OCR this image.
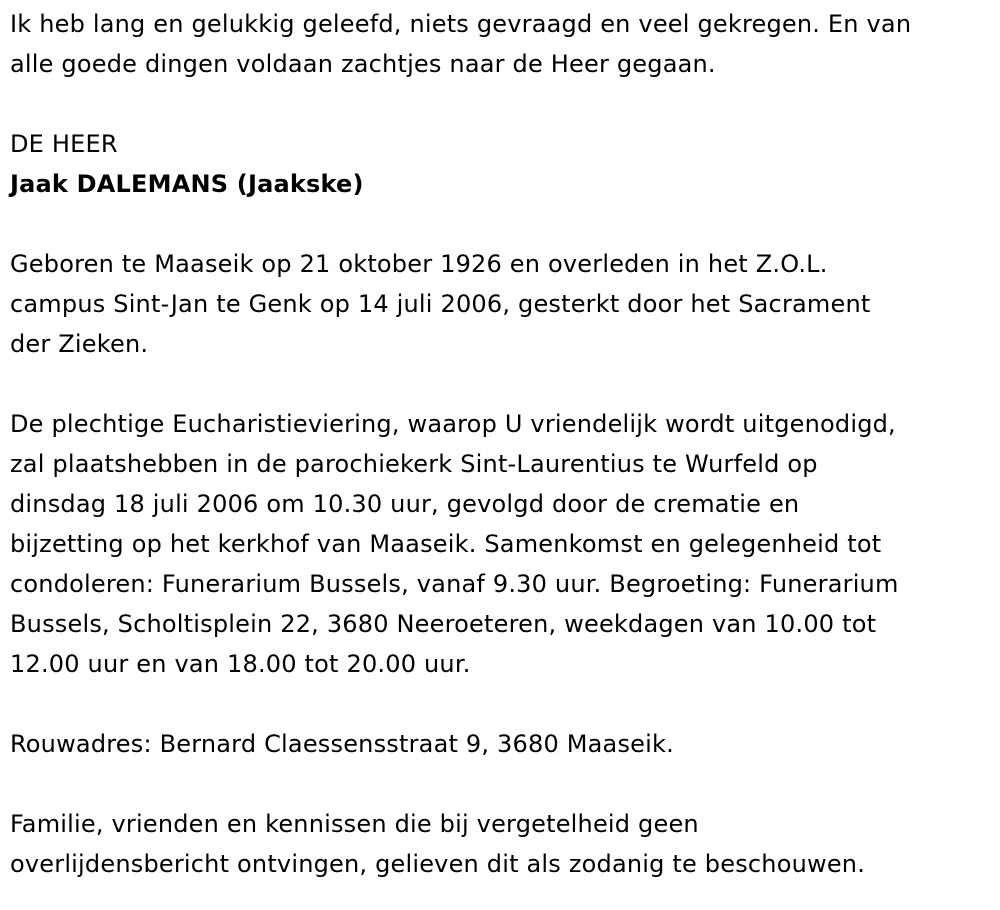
Ik heb lang en gelukkig geleefd, niets gevraagd en veel gekregen. En van
alle goede dingen voldaan zachtjes naar de Heer gegaan.

DE HEER

Jaak DALEMANS (Jaakske)

Geboren te Maaseik op 21 oktober 1926 en overleden in het Z.O.L.
campus Sint-Jan te Genk op 14 juli 2006, gesterkt door het Sacrament
der Zieken.

De plechtige Eucharistieviering, waarop U vriendelijk wordt uitgenodigd,
zal plaatshebben in de parochiekerk Sint-Laurentius te Wurfeld op
dinsdag 18 juli 2006 om 10.30 uur, gevolgd door de crematie en
bijzetting op het kerkhof van Maaseik. Samenkomst en gelegenheid tot
condoleren: Funerarium Bussels, vanaf 9.30 uur. Begroeting: Funerarium
Bussels, Scholtisplein 22, 3680 Neeroeteren, weekdagen van 10.00 tot
12.00 uur en van 18.00 tot 20.00 uur.

Rouwadres: Bernard Claessensstraat 9, 3680 Maaseik.

Familie, vrienden en kennissen die bij vergetelheid geen
overlijdensbericht ontvingen, gelieven dit als zodanig te beschouwen.
